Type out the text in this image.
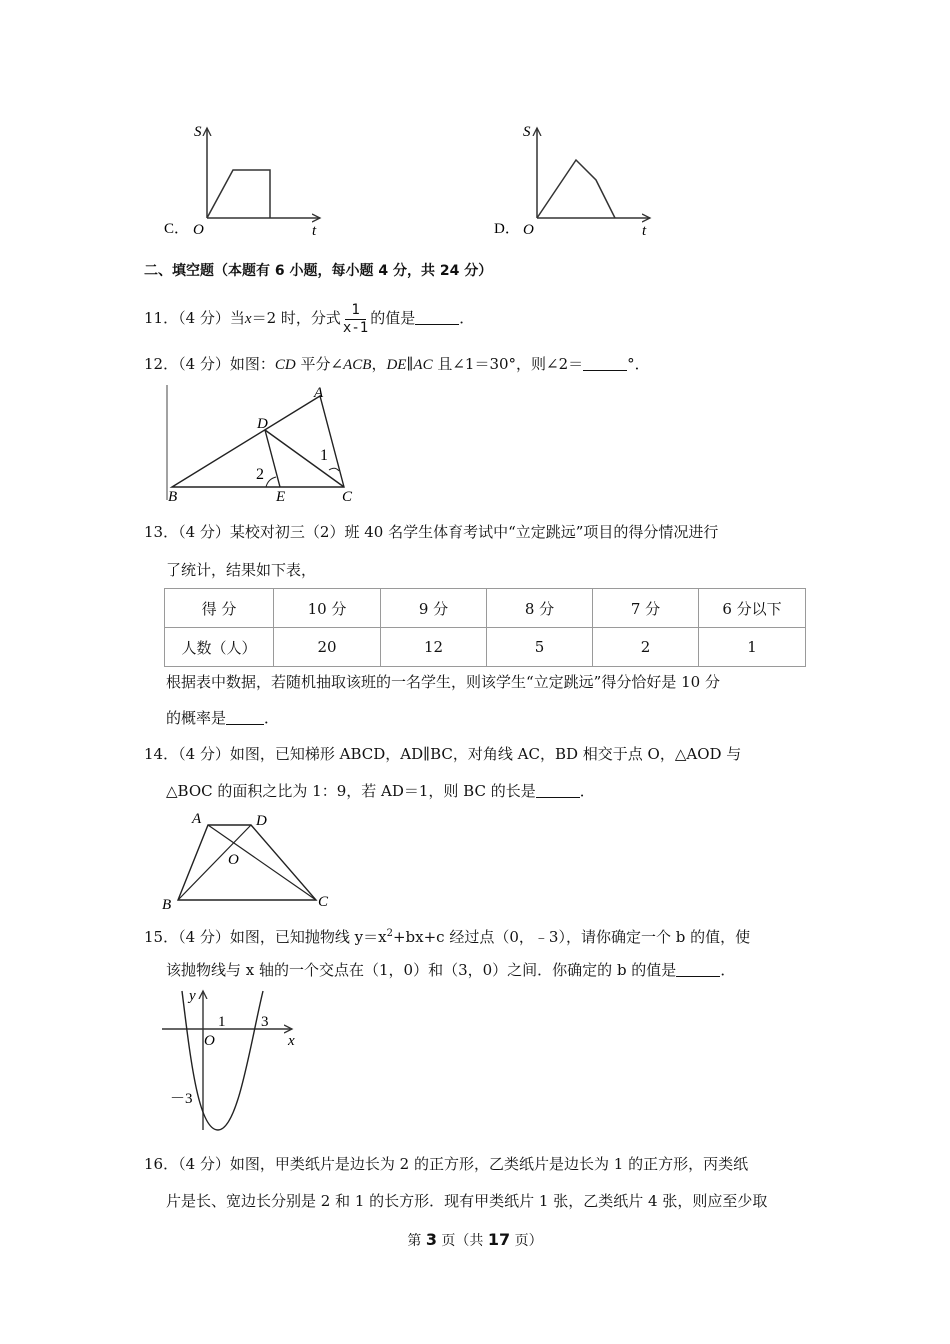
S
C． O	t
S
D． O	t
二、填空题（本题有 6 小题，每小题 4 分，共 24 分）
11．（4 分）当x＝2 时，分式 $\frac{1}{x-1}$ 的值是	．
12．（4 分）如图：CD 平分∠ACB，DE∥AC 且∠1＝30°，则∠2＝	°．
A
D
B	E	C
1
2
13．（4 分）某校对初三（2）班 40 名学生体育考试中“立定跳远”项目的得分情况进行
了统计，结果如下表，
得 分	10 分	9 分	8 分	7 分	6 分以下
人数（人）	20	12	5	2	1
根据表中数据，若随机抽取该班的一名学生，则该学生“立定跳远”得分恰好是 10 分
的概率是	．
14．（4 分）如图，已知梯形 ABCD，AD∥BC，对角线 AC，BD 相交于点 O，△AOD 与
△BOC 的面积之比为 1：9，若 AD＝1，则 BC 的长是	．
A	D
O
B	C
15．（4 分）如图，已知抛物线 $y=x^2+bx+c$ 经过点（0，﹣3），请你确定一个 b 的值，使
该抛物线与 x 轴的一个交点在（1，0）和（3，0）之间．你确定的 b 的值是	．
y
x
O
1 3
－3
16．（4 分）如图，甲类纸片是边长为 2 的正方形，乙类纸片是边长为 1 的正方形，丙类纸
片是长、宽边长分别是 2 和 1 的长方形．现有甲类纸片 1 张，乙类纸片 4 张，则应至少取
第 3 页（共 17 页）
